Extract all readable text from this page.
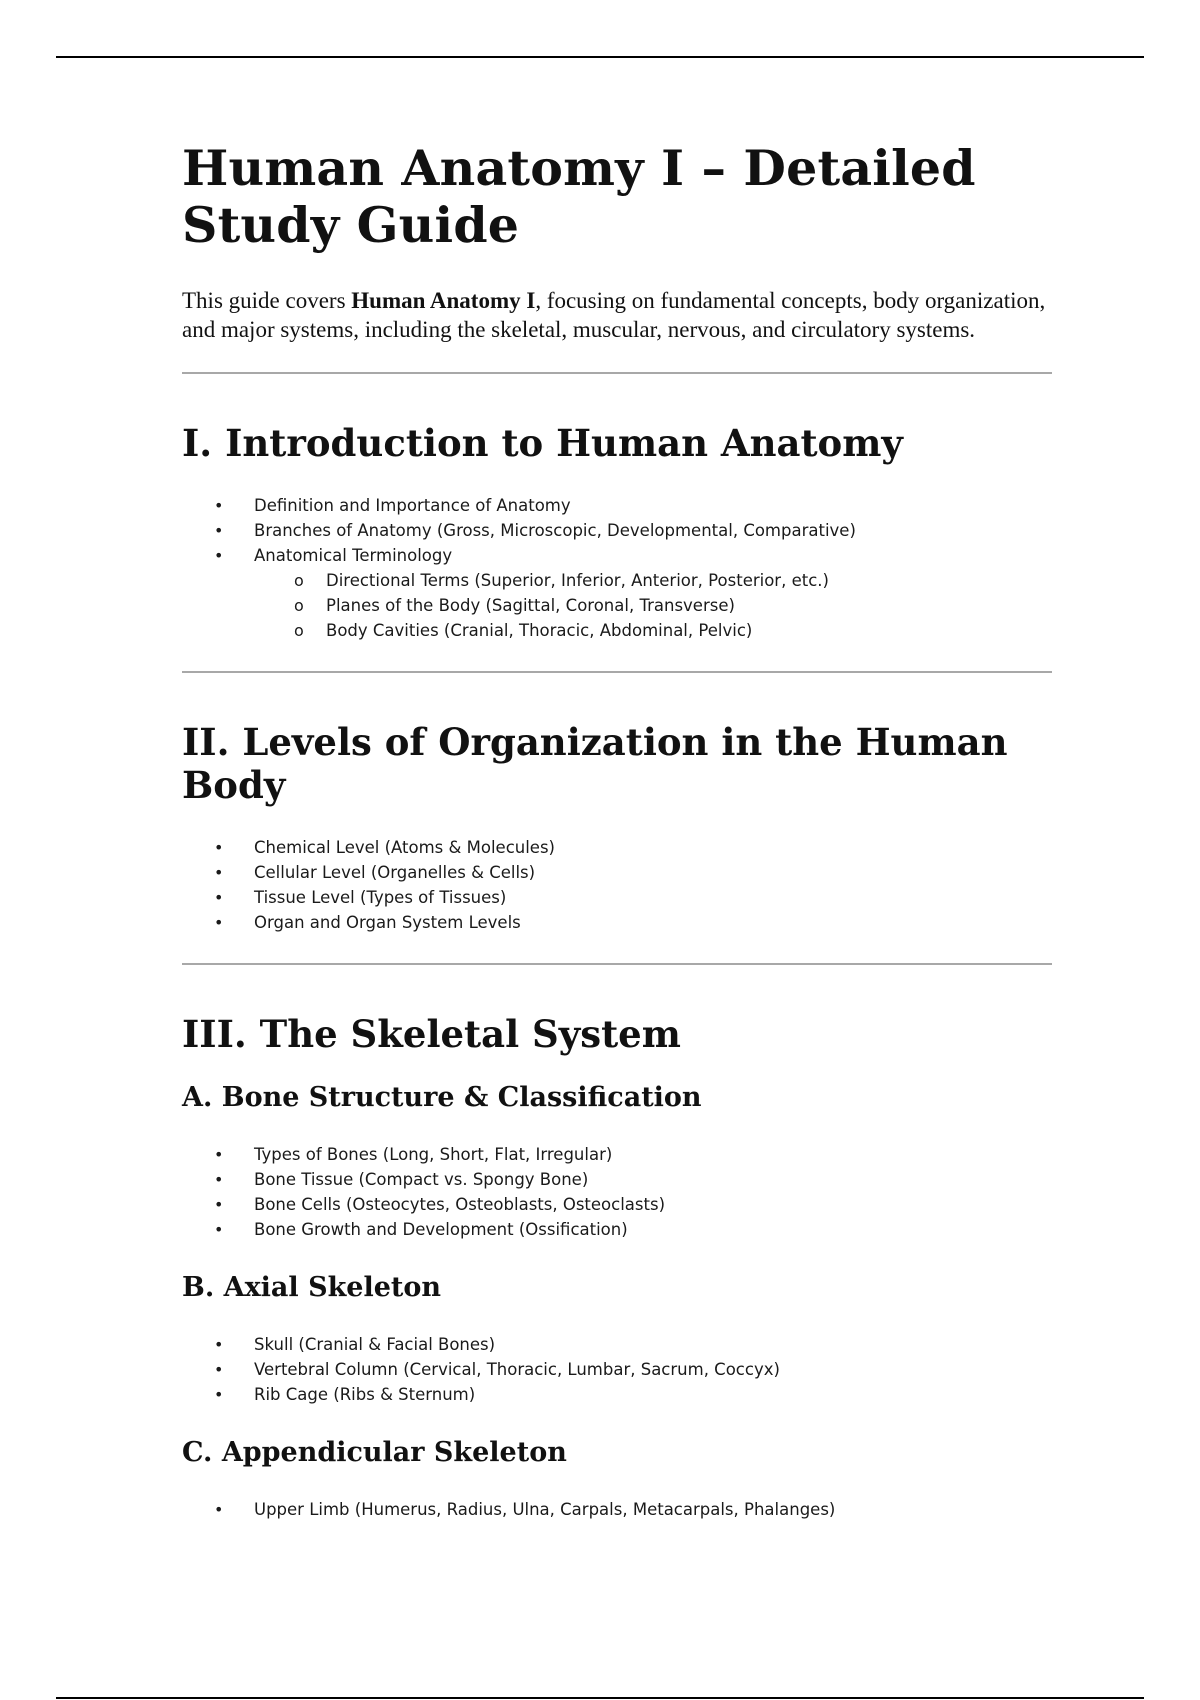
Human Anatomy I – Detailed Study Guide

This guide covers Human Anatomy I, focusing on fundamental concepts, body organization, and major systems, including the skeletal, muscular, nervous, and circulatory systems.

I. Introduction to Human Anatomy
• Definition and Importance of Anatomy
• Branches of Anatomy (Gross, Microscopic, Developmental, Comparative)
• Anatomical Terminology
o Directional Terms (Superior, Inferior, Anterior, Posterior, etc.)
o Planes of the Body (Sagittal, Coronal, Transverse)
o Body Cavities (Cranial, Thoracic, Abdominal, Pelvic)
II. Levels of Organization in the Human Body
• Chemical Level (Atoms & Molecules)
• Cellular Level (Organelles & Cells)
• Tissue Level (Types of Tissues)
• Organ and Organ System Levels
III. The Skeletal System
A. Bone Structure & Classification
• Types of Bones (Long, Short, Flat, Irregular)
• Bone Tissue (Compact vs. Spongy Bone)
• Bone Cells (Osteocytes, Osteoblasts, Osteoclasts)
• Bone Growth and Development (Ossification)
B. Axial Skeleton
• Skull (Cranial & Facial Bones)
• Vertebral Column (Cervical, Thoracic, Lumbar, Sacrum, Coccyx)
• Rib Cage (Ribs & Sternum)
C. Appendicular Skeleton
• Upper Limb (Humerus, Radius, Ulna, Carpals, Metacarpals, Phalanges)
